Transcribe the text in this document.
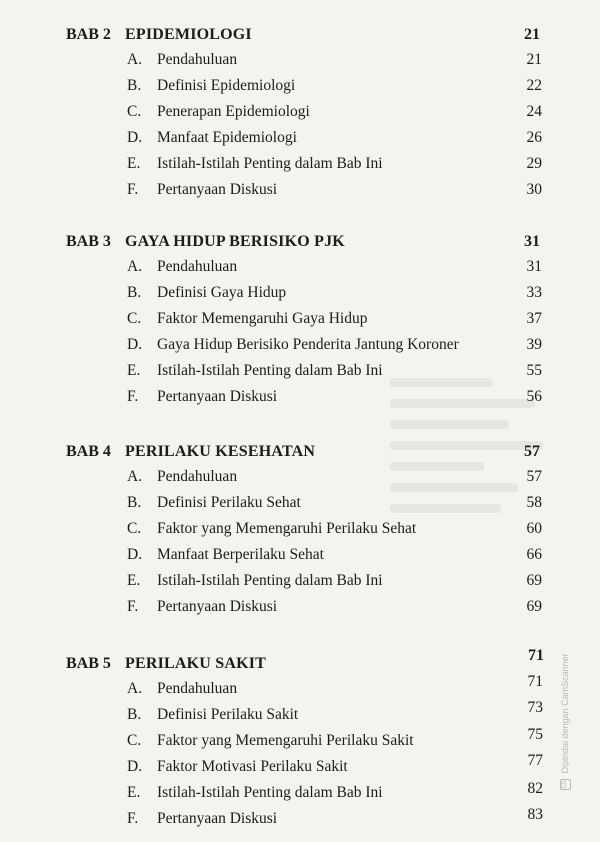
BAB 2 EPIDEMIOLOGI	21
A. Pendahuluan	21
B. Definisi Epidemiologi	22
C. Penerapan Epidemiologi	24
D. Manfaat Epidemiologi	26
E. Istilah-Istilah Penting dalam Bab Ini	29
F. Pertanyaan Diskusi	30
BAB 3 GAYA HIDUP BERISIKO PJK	31
A. Pendahuluan	31
B. Definisi Gaya Hidup	33
C. Faktor Memengaruhi Gaya Hidup	37
D. Gaya Hidup Berisiko Penderita Jantung Koroner	39
E. Istilah-Istilah Penting dalam Bab Ini	55
F. Pertanyaan Diskusi	56
BAB 4 PERILAKU KESEHATAN	57
A. Pendahuluan	57
B. Definisi Perilaku Sehat	58
C. Faktor yang Memengaruhi Perilaku Sehat	60
D. Manfaat Berperilaku Sehat	66
E. Istilah-Istilah Penting dalam Bab Ini	69
F. Pertanyaan Diskusi	69
BAB 5 PERILAKU SAKIT	71
A. Pendahuluan	71
B. Definisi Perilaku Sakit	73
C. Faktor yang Memengaruhi Perilaku Sakit	75
D. Faktor Motivasi Perilaku Sakit	77
E. Istilah-Istilah Penting dalam Bab Ini	82
F. Pertanyaan Diskusi	83
CS Dipindai dengan CamScanner
